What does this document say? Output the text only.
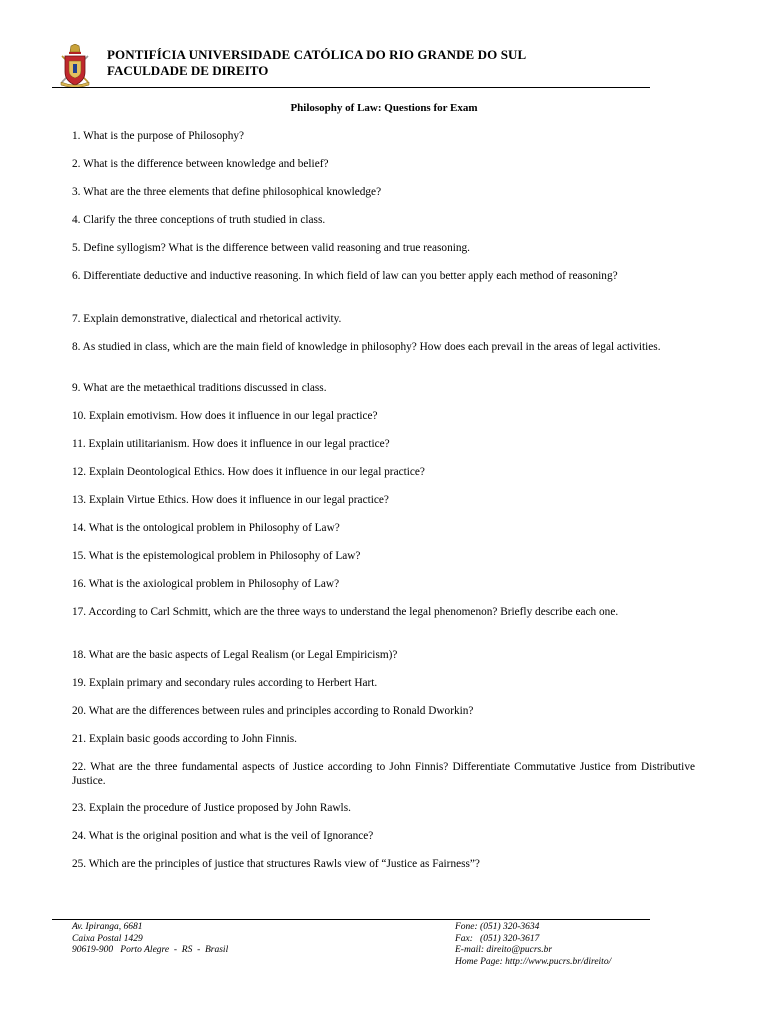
PONTIFÍCIA UNIVERSIDADE CATÓLICA DO RIO GRANDE DO SUL
FACULDADE DE DIREITO
Philosophy of Law: Questions for Exam

1. What is the purpose of Philosophy?

2. What is the difference between knowledge and belief?

3. What are the three elements that define philosophical knowledge?

4. Clarify the three conceptions of truth studied in class.

5. Define syllogism? What is the difference between valid reasoning and true reasoning.

6. Differentiate deductive and inductive reasoning. In which field of law can you better apply each method of reasoning?

7. Explain demonstrative, dialectical and rhetorical activity.

8. As studied in class, which are the main field of knowledge in philosophy? How does each prevail in the areas of legal activities.

9. What are the metaethical traditions discussed in class.

10. Explain emotivism. How does it influence in our legal practice?

11. Explain utilitarianism. How does it influence in our legal practice?

12. Explain Deontological Ethics. How does it influence in our legal practice?

13. Explain Virtue Ethics. How does it influence in our legal practice?

14. What is the ontological problem in Philosophy of Law?

15. What is the epistemological problem in Philosophy of Law?

16. What is the axiological problem in Philosophy of Law?

17. According to Carl Schmitt, which are the three ways to understand the legal phenomenon? Briefly describe each one.

18. What are the basic aspects of Legal Realism (or Legal Empiricism)?

19. Explain primary and secondary rules according to Herbert Hart.

20. What are the differences between rules and principles according to Ronald Dworkin?

21. Explain basic goods according to John Finnis.

22. What are the three fundamental aspects of Justice according to John Finnis? Differentiate Commutative Justice from Distributive Justice.

23. Explain the procedure of Justice proposed by John Rawls.

24. What is the original position and what is the veil of Ignorance?

25. Which are the principles of justice that structures Rawls view of “Justice as Fairness”?

Av. Ipiranga, 6681
Caixa Postal 1429
90619-900   Porto Alegre  -  RS  -  Brasil
Fone: (051) 320-3634
Fax:   (051) 320-3617
E-mail: direito@pucrs.br
Home Page: http://www.pucrs.br/direito/
